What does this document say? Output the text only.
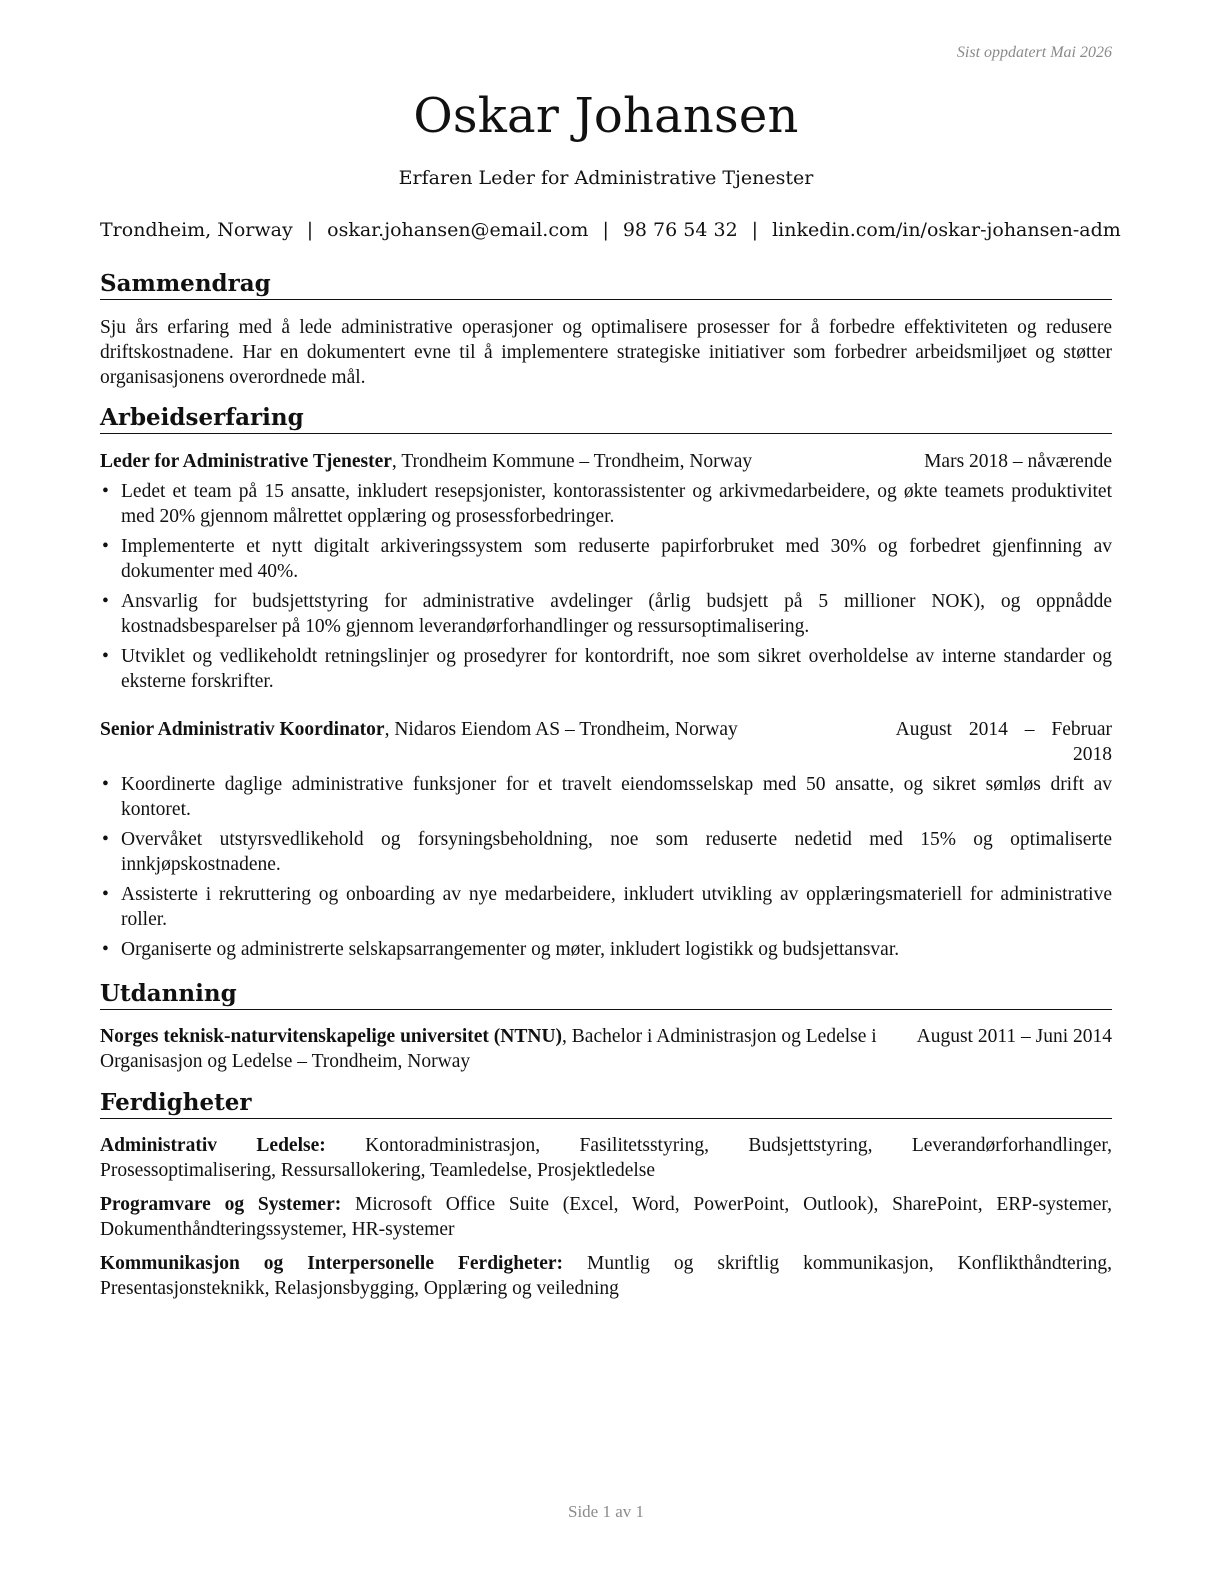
Sist oppdatert Mai 2026
Oskar Johansen
Erfaren Leder for Administrative Tjenester
Trondheim, Norway | oskar.johansen@email.com | 98 76 54 32 | linkedin.com/in/oskar-johansen-adm
Sammendrag
Sju års erfaring med å lede administrative operasjoner og optimalisere prosesser for å forbedre effektiviteten og redusere driftskostnadene. Har en dokumentert evne til å implementere strategiske initiativer som forbedrer arbeidsmiljøet og støtter organisasjonens overordnede mål.
Arbeidserfaring
Leder for Administrative Tjenester, Trondheim Kommune – Trondheim, Norway	Mars 2018 – nåværende
• Ledet et team på 15 ansatte, inkludert resepsjonister, kontorassistenter og arkivmedarbeidere, og økte teamets produktivitet med 20% gjennom målrettet opplæring og prosessforbedringer.
• Implementerte et nytt digitalt arkiveringssystem som reduserte papirforbruket med 30% og forbedret gjenfinning av dokumenter med 40%.
• Ansvarlig for budsjettstyring for administrative avdelinger (årlig budsjett på 5 millioner NOK), og oppnådde kostnadsbesparelser på 10% gjennom leverandørforhandlinger og ressursoptimalisering.
• Utviklet og vedlikeholdt retningslinjer og prosedyrer for kontordrift, noe som sikret overholdelse av interne standarder og eksterne forskrifter.
Senior Administrativ Koordinator, Nidaros Eiendom AS – Trondheim, Norway	August 2014 – Februar
2018
• Koordinerte daglige administrative funksjoner for et travelt eiendomsselskap med 50 ansatte, og sikret sømløs drift av kontoret.
• Overvåket utstyrsvedlikehold og forsyningsbeholdning, noe som reduserte nedetid med 15% og optimaliserte innkjøpskostnadene.
• Assisterte i rekruttering og onboarding av nye medarbeidere, inkludert utvikling av opplæringsmateriell for administrative roller.
• Organiserte og administrerte selskapsarrangementer og møter, inkludert logistikk og budsjettansvar.
Utdanning
Norges teknisk-naturvitenskapelige universitet (NTNU), Bachelor i Administrasjon og Ledelse i Organisasjon og Ledelse – Trondheim, Norway
August 2011 – Juni 2014
Ferdigheter
Administrativ Ledelse: Kontoradministrasjon, Fasilitetsstyring, Budsjettstyring, Leverandørforhandlinger, Prosessoptimalisering, Ressursallokering, Teamledelse, Prosjektledelse
Programvare og Systemer: Microsoft Office Suite (Excel, Word, PowerPoint, Outlook), SharePoint, ERP-systemer, Dokumenthåndteringssystemer, HR-systemer
Kommunikasjon og Interpersonelle Ferdigheter: Muntlig og skriftlig kommunikasjon, Konflikthåndtering, Presentasjonsteknikk, Relasjonsbygging, Opplæring og veiledning
Side 1 av 1
